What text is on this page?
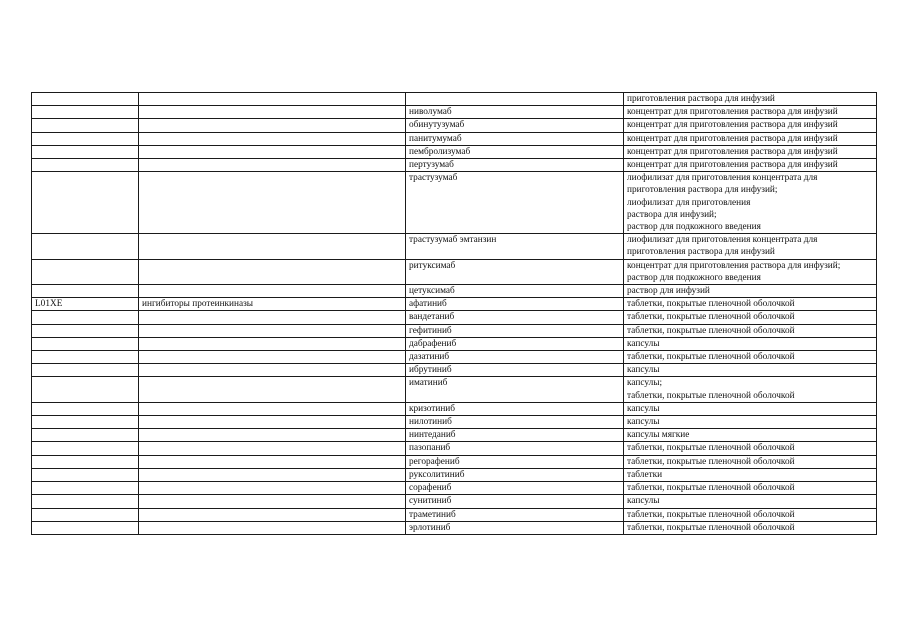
			приготовления раствора для инфузий
		ниволумаб	концентрат для приготовления раствора для инфузий
		обинутузумаб	концентрат для приготовления раствора для инфузий
		панитумумаб	концентрат для приготовления раствора для инфузий
		пембролизумаб	концентрат для приготовления раствора для инфузий
		пертузумаб	концентрат для приготовления раствора для инфузий
		трастузумаб	лиофилизат для приготовления концентрата для приготовления раствора для инфузий;
лиофилизат для приготовления
раствора для инфузий;
раствор для подкожного введения
		трастузумаб эмтанзин	лиофилизат для приготовления концентрата для приготовления раствора для инфузий
		ритуксимаб	концентрат для приготовления раствора для инфузий;
раствор для подкожного введения
		цетуксимаб	раствор для инфузий
L01XE	ингибиторы протеинкиназы	афатиниб	таблетки, покрытые пленочной оболочкой
		вандетаниб	таблетки, покрытые пленочной оболочкой
		гефитиниб	таблетки, покрытые пленочной оболочкой
		дабрафениб	капсулы
		дазатиниб	таблетки, покрытые пленочной оболочкой
		ибрутиниб	капсулы
		иматиниб	капсулы;
таблетки, покрытые пленочной оболочкой
		кризотиниб	капсулы
		нилотиниб	капсулы
		нинтеданиб	капсулы мягкие
		пазопаниб	таблетки, покрытые пленочной оболочкой
		регорафениб	таблетки, покрытые пленочной оболочкой
		руксолитиниб	таблетки
		сорафениб	таблетки, покрытые пленочной оболочкой
		сунитиниб	капсулы
		траметиниб	таблетки, покрытые пленочной оболочкой
		эрлотиниб	таблетки, покрытые пленочной оболочкой
